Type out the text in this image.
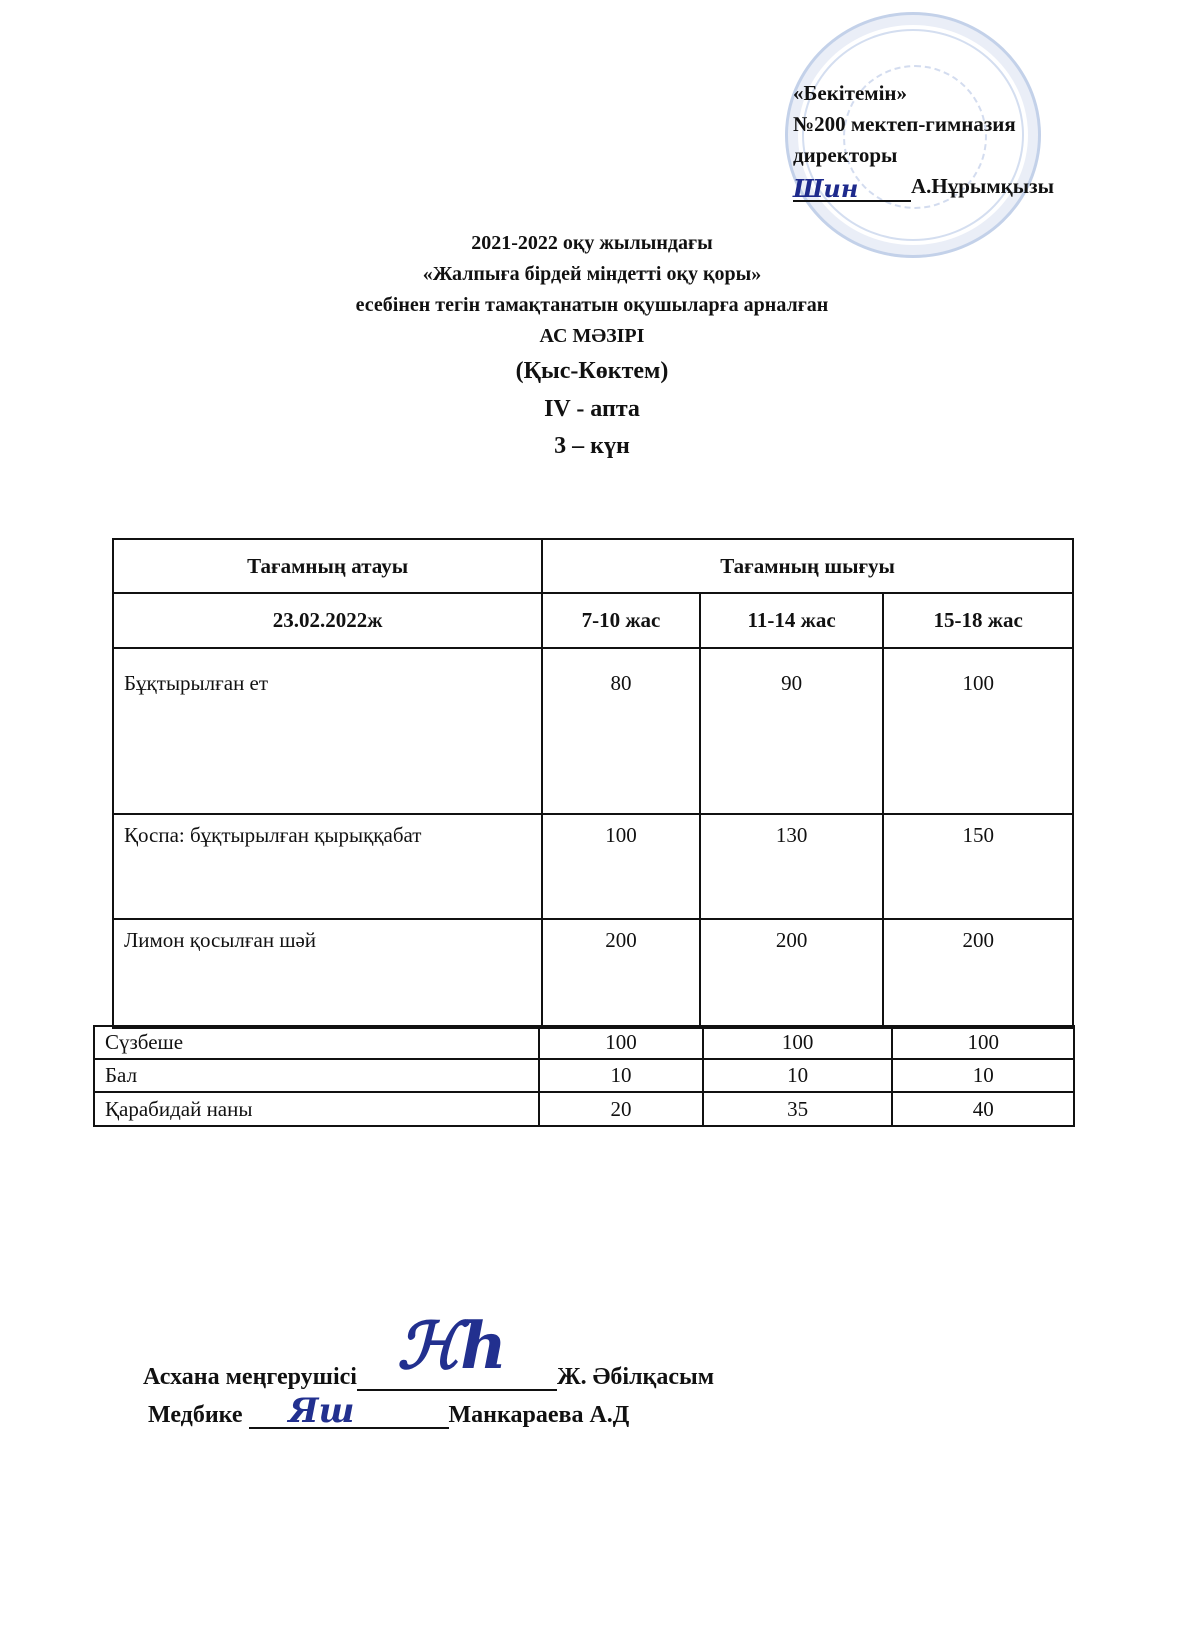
«Бекітемін»
№200 мектеп-гимназия
директоры
Шин	А.Нұрымқызы
2021-2022 оқу жылындағы
«Жалпыға бірдей міндетті оқу қоры»
есебінен тегін тамақтанатын оқушыларға арналған
АС МӘЗІРІ
(Қыс-Көктем)
IV - апта
3 – күн
Тағамның атауы	Тағамның шығуы		
23.02.2022ж	7-10 жас	11-14 жас	15-18 жас
Бұқтырылған ет	80	90	100
Қоспа: бұқтырылған қырыққабат	100	130	150
Лимон қосылған шәй	200	200	200
Сүзбеше	100	100	100
Бал	10	10	10
Қарабидай наны	20	35	40
Асхана меңгерушісі ℋℎ Ж. Әбілқасым
Медбике Яш	Манкараева А.Д
